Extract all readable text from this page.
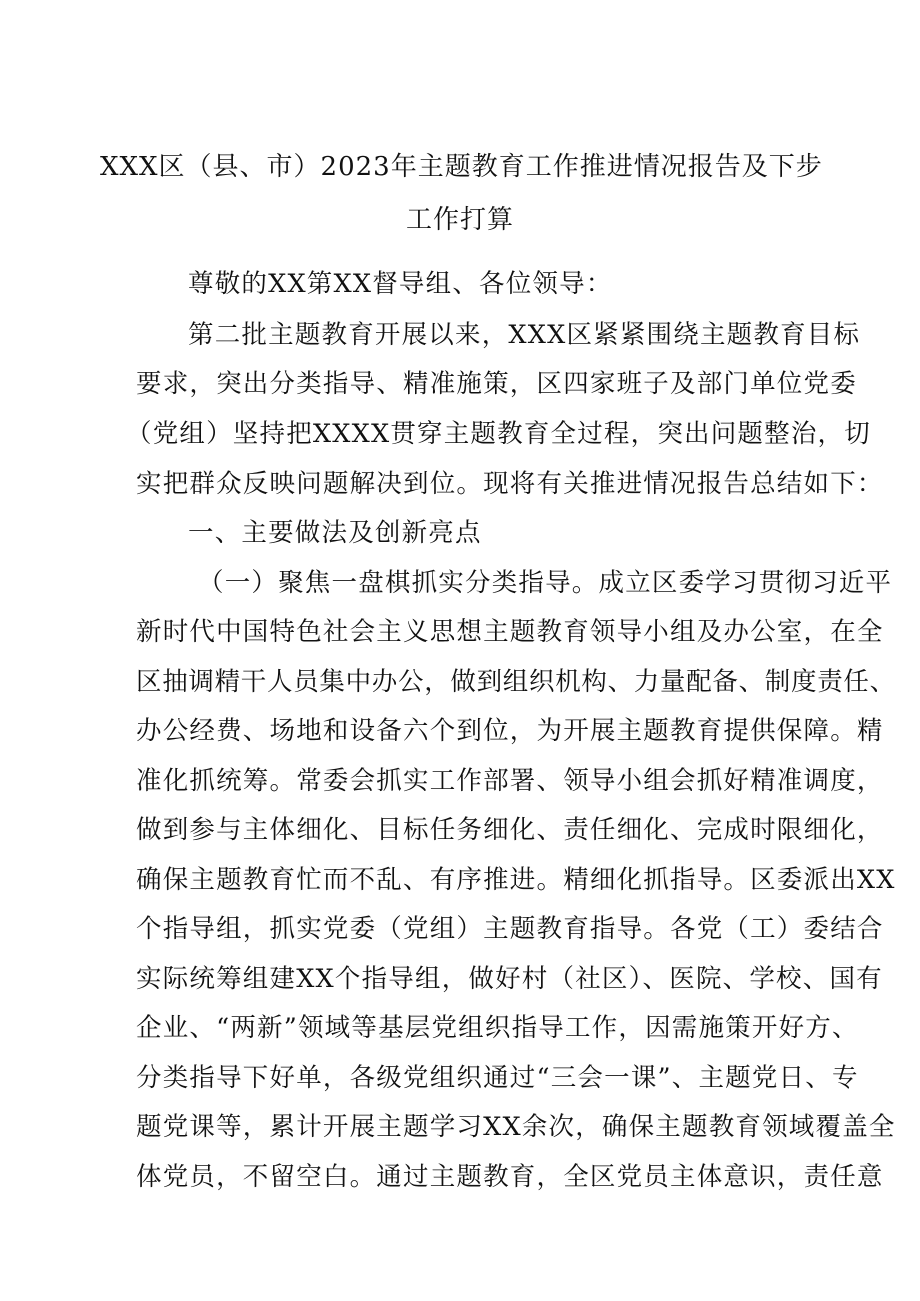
XXX区（县、市）2023年主题教育工作推进情况报告及下步
工作打算
尊敬的XX第XX督导组、各位领导：
第二批主题教育开展以来，XXX区紧紧围绕主题教育目标
要求，突出分类指导、精准施策，区四家班子及部门单位党委
（党组）坚持把XXXX贯穿主题教育全过程，突出问题整治，切
实把群众反映问题解决到位。现将有关推进情况报告总结如下：
一、主要做法及创新亮点
（一）聚焦一盘棋抓实分类指导。成立区委学习贯彻习近平
新时代中国特色社会主义思想主题教育领导小组及办公室，在全
区抽调精干人员集中办公，做到组织机构、力量配备、制度责任、
办公经费、场地和设备六个到位，为开展主题教育提供保障。精
准化抓统筹。常委会抓实工作部署、领导小组会抓好精准调度，
做到参与主体细化、目标任务细化、责任细化、完成时限细化，
确保主题教育忙而不乱、有序推进。精细化抓指导。区委派出XX
个指导组，抓实党委（党组）主题教育指导。各党（工）委结合
实际统筹组建XX个指导组，做好村（社区）、医院、学校、国有
企业、“两新”领域等基层党组织指导工作，因需施策开好方、
分类指导下好单，各级党组织通过“三会一课”、主题党日、专
题党课等，累计开展主题学习XX余次，确保主题教育领域覆盖全
体党员，不留空白。通过主题教育，全区党员主体意识，责任意
